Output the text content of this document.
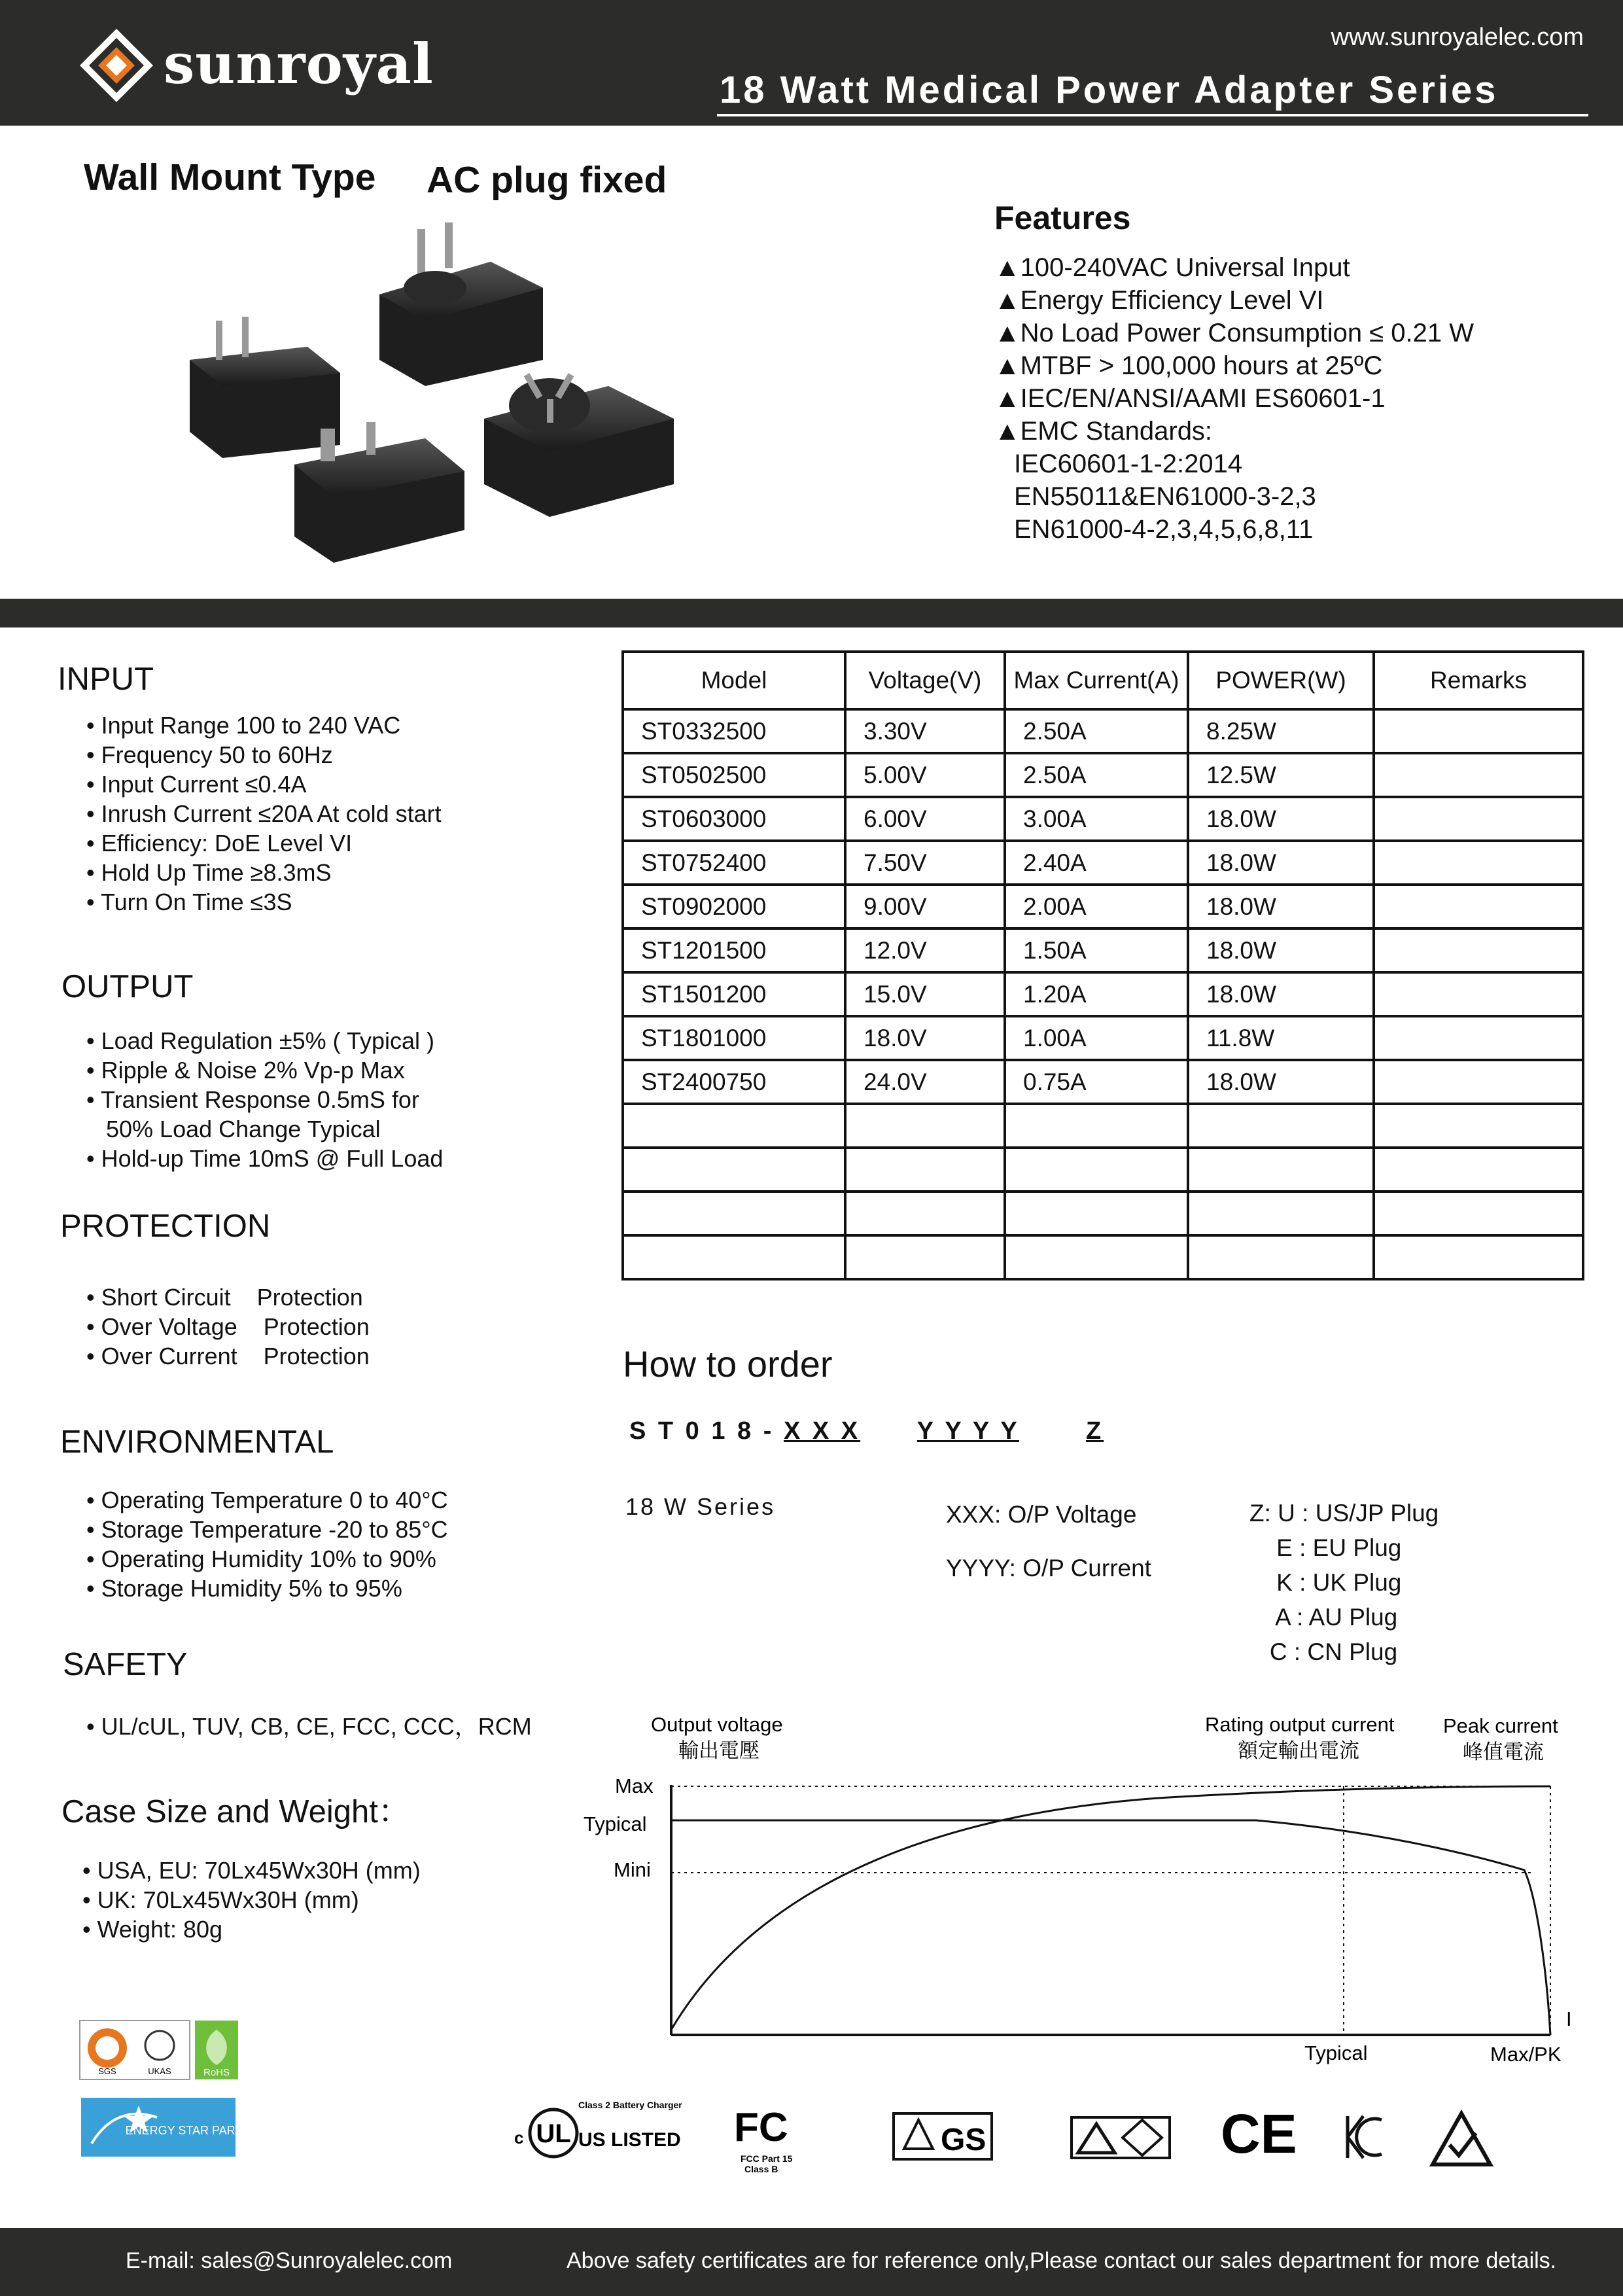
sunroyal	www.sunroyalelec.com
18 Watt Medical Power Adapter Series
Wall Mount Type AC plug fixed
Features
▲100-240VAC Universal Input
▲Energy Efficiency Level VI
▲No Load Power Consumption ≤ 0.21 W
▲MTBF > 100,000 hours at 25ºC
▲IEC/EN/ANSI/AAMI ES60601-1
▲EMC Standards:
IEC60601-1-2:2014
EN55011&EN61000-3-2,3
EN61000-4-2,3,4,5,6,8,11
INPUT
• Input Range 100 to 240 VAC
• Frequency 50 to 60Hz
• Input Current ≤0.4A
• Inrush Current ≤20A At cold start
• Efficiency: DoE Level VI
• Hold Up Time ≥8.3mS
• Turn On Time ≤3S
OUTPUT
• Load Regulation ±5% ( Typical )
• Ripple & Noise 2% Vp-p Max
• Transient Response 0.5mS for
50% Load Change Typical
• Hold-up Time 10mS @ Full Load
PROTECTION
• Short Circuit    Protection
• Over Voltage    Protection
• Over Current    Protection
ENVIRONMENTAL
• Operating Temperature 0 to 40°C
• Storage Temperature -20 to 85°C
• Operating Humidity 10% to 90%
• Storage Humidity 5% to 95%
SAFETY
• UL/cUL, TUV, CB, CE, FCC, CCC，RCM
Case Size and Weight：
• USA, EU: 70Lx45Wx30H (mm)
• UK: 70Lx45Wx30H (mm)
• Weight: 80g
Model	Voltage(V)	Max Current(A)	POWER(W)	Remarks
ST0332500	3.30V	2.50A	8.25W	
ST0502500	5.00V	2.50A	12.5W	
ST0603000	6.00V	3.00A	18.0W	
ST0752400	7.50V	2.40A	18.0W	
ST0902000	9.00V	2.00A	18.0W	
ST1201500	12.0V	1.50A	18.0W	
ST1501200	15.0V	1.20A	18.0W	
ST1801000	18.0V	1.00A	11.8W	
ST2400750	24.0V	0.75A	18.0W	

How to order
S T 0 1 8 - X X X Y Y Y Y	Z
18 W Series	XXX: O/P Voltage
YYYY: O/P Current
Z: U : US/JP Plug
E : EU Plug
K : UK Plug
A : AU Plug
C : CN Plug
Output voltage
輸出電壓
Rating output current
額定輸出電流
Peak current
峰值電流
Max
Typical
Mini
Typical	Max/PK
I
SGS	UKAS	RoHS
ENERGY STAR PARTNER	UL
c	US LISTED
Class 2 Battery Charger FC
FCC Part 15
Class B
GS	CE
E-mail: sales@Sunroyalelec.com	Above safety certificates are for reference only,Please contact our sales department for more details.
